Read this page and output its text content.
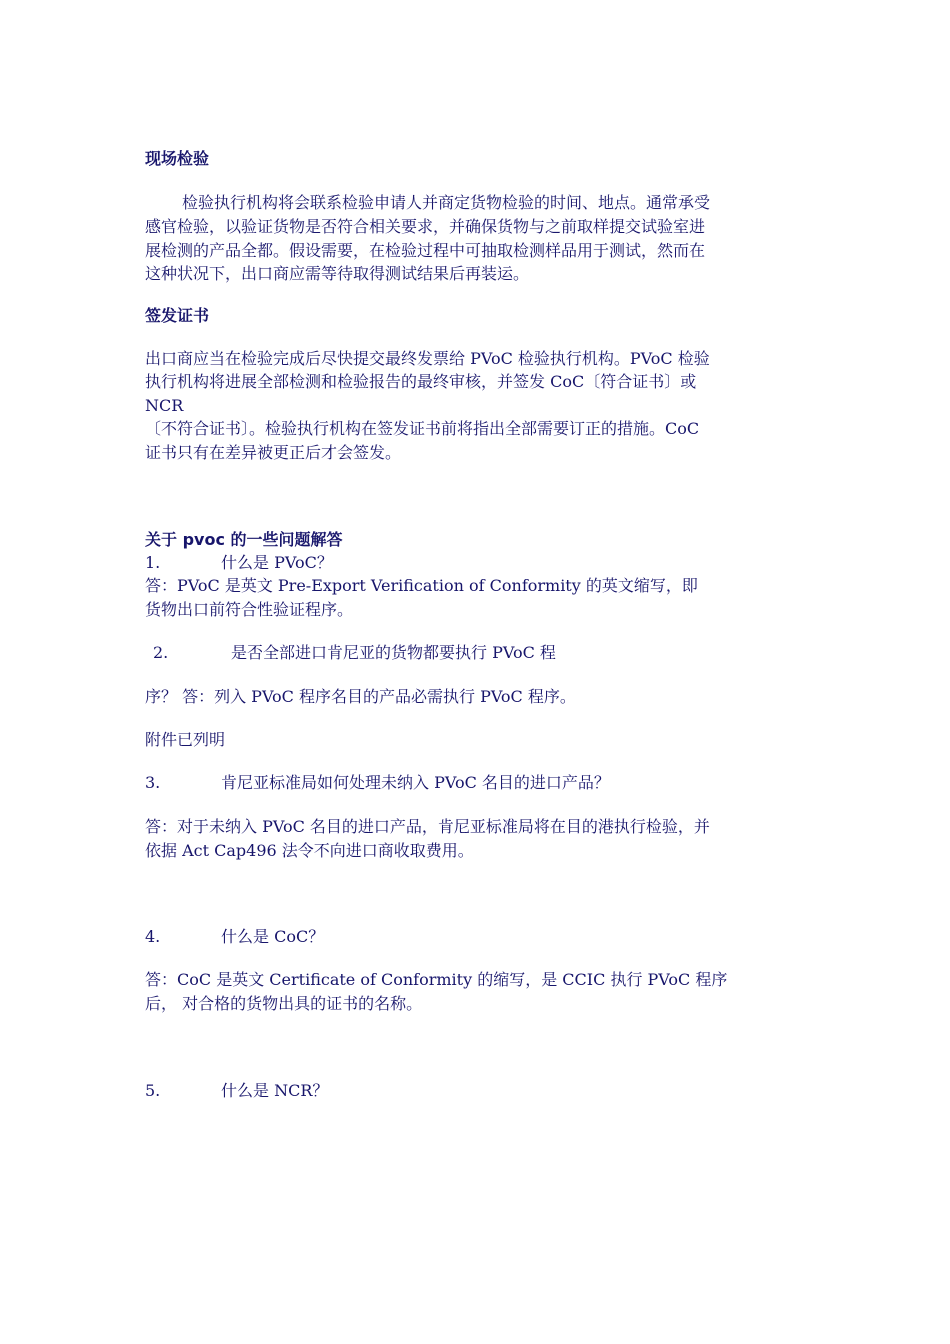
现场检验

检验执行机构将会联系检验申请人并商定货物检验的时间、地点。通常承受

感官检验，以验证货物是否符合相关要求，并确保货物与之前取样提交试验室进

展检测的产品全都。假设需要，在检验过程中可抽取检测样品用于测试，然而在

这种状况下，出口商应需等待取得测试结果后再装运。

签发证书

出口商应当在检验完成后尽快提交最终发票给 PVoC 检验执行机构。PVoC 检验

执行机构将进展全部检测和检验报告的最终审核，并签发 CoC〔符合证书〕或

NCR

〔不符合证书〕。检验执行机构在签发证书前将指出全部需要订正的措施。CoC

证书只有在差异被更正后才会签发。

关于 pvoc 的一些问题解答

1.	什么是 PVoC？

答：PVoC 是英文 Pre-Export Verification of Conformity 的英文缩写，即

货物出口前符合性验证程序。

2.	是否全部进口肯尼亚的货物都要执行 PVoC 程

序？ 答：列入 PVoC 程序名目的产品必需执行 PVoC 程序。

附件已列明

3.	肯尼亚标准局如何处理未纳入 PVoC 名目的进口产品？

答：对于未纳入 PVoC 名目的进口产品，肯尼亚标准局将在目的港执行检验，并

依据 Act Cap496 法令不向进口商收取费用。

4.	什么是 CoC？

答：CoC 是英文 Certificate of Conformity 的缩写，是 CCIC 执行 PVoC 程序

后， 对合格的货物出具的证书的名称。

5.	什么是 NCR？
